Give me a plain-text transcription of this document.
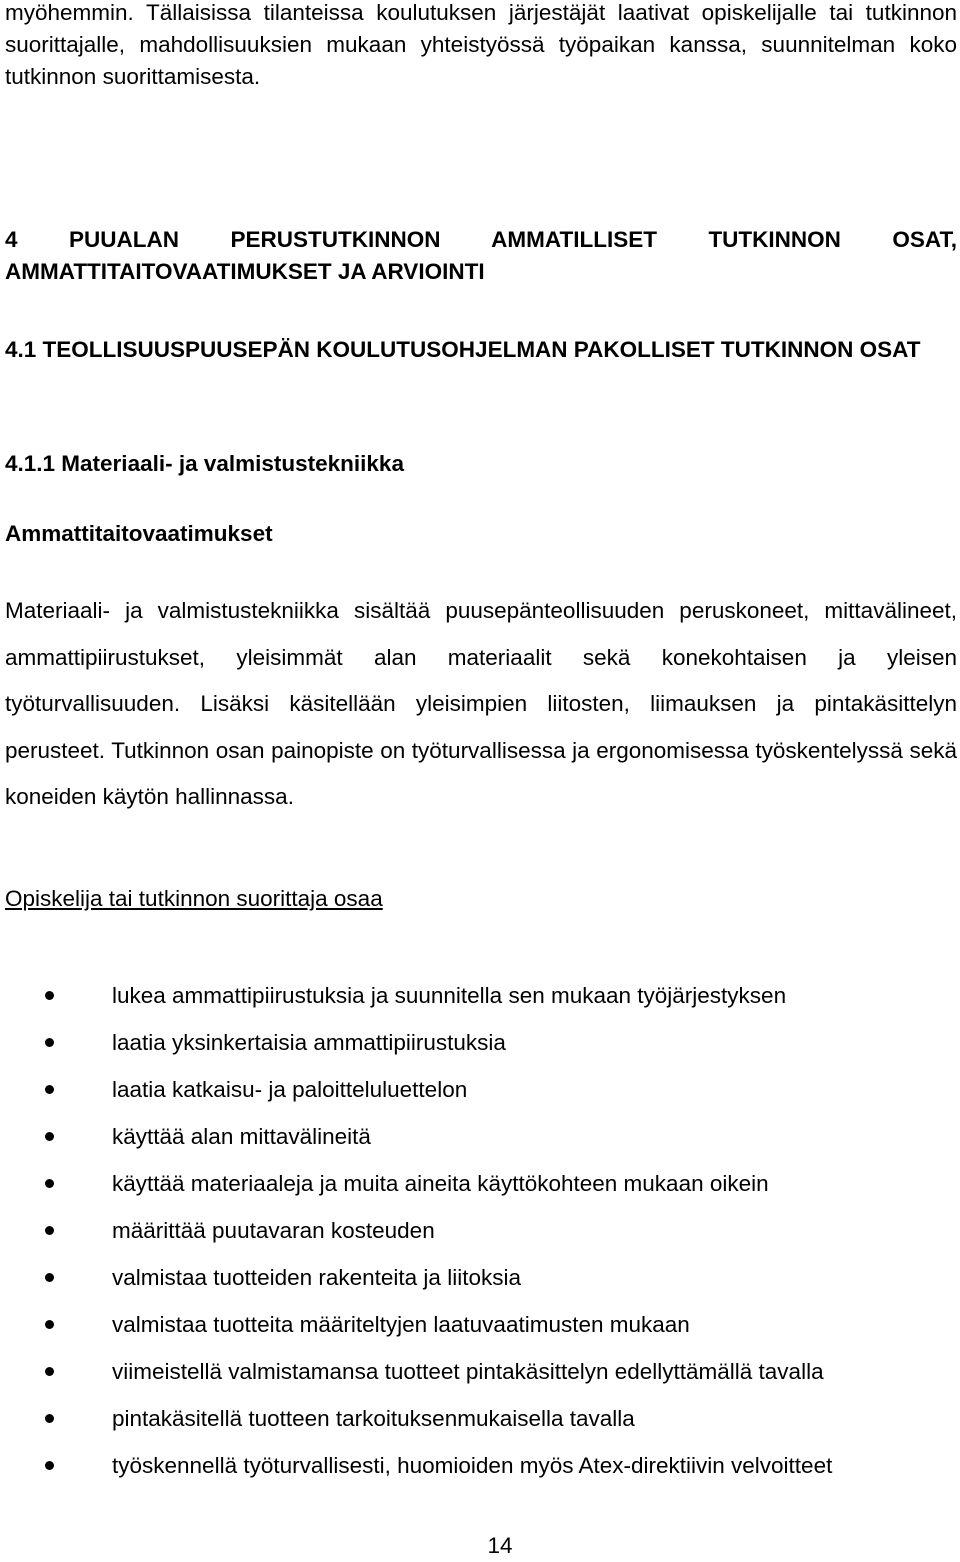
myöhemmin. Tällaisissa tilanteissa koulutuksen järjestäjät laativat opiskelijalle tai tutkinnon suorittajalle, mahdollisuuksien mukaan yhteistyössä työpaikan kanssa, suunnitelman koko tutkinnon suorittamisesta.

4 PUUALAN PERUSTUTKINNON AMMATILLISET TUTKINNON OSAT, AMMATTITAITOVAATIMUKSET JA ARVIOINTI
4.1 TEOLLISUUSPUUSEPÄN KOULUTUSOHJELMAN PAKOLLISET TUTKINNON OSAT
4.1.1 Materiaali- ja valmistustekniikka
Ammattitaitovaatimukset

Materiaali- ja valmistustekniikka sisältää puusepänteollisuuden peruskoneet, mittavälineet, ammattipiirustukset, yleisimmät alan materiaalit sekä konekohtaisen ja yleisen työturvallisuuden. Lisäksi käsitellään yleisimpien liitosten, liimauksen ja pintakäsittelyn perusteet. Tutkinnon osan painopiste on työturvallisessa ja ergonomisessa työskentelyssä sekä koneiden käytön hallinnassa.

Opiskelija tai tutkinnon suorittaja osaa

lukea ammattipiirustuksia ja suunnitella sen mukaan työjärjestyksen
laatia yksinkertaisia ammattipiirustuksia
laatia katkaisu- ja paloitteluluettelon
käyttää alan mittavälineitä
käyttää materiaaleja ja muita aineita käyttökohteen mukaan oikein
määrittää puutavaran kosteuden
valmistaa tuotteiden rakenteita ja liitoksia
valmistaa tuotteita määriteltyjen laatuvaatimusten mukaan
viimeistellä valmistamansa tuotteet pintakäsittelyn edellyttämällä tavalla
pintakäsitellä tuotteen tarkoituksenmukaisella tavalla
työskennellä työturvallisesti, huomioiden myös Atex-direktiivin velvoitteet

14
